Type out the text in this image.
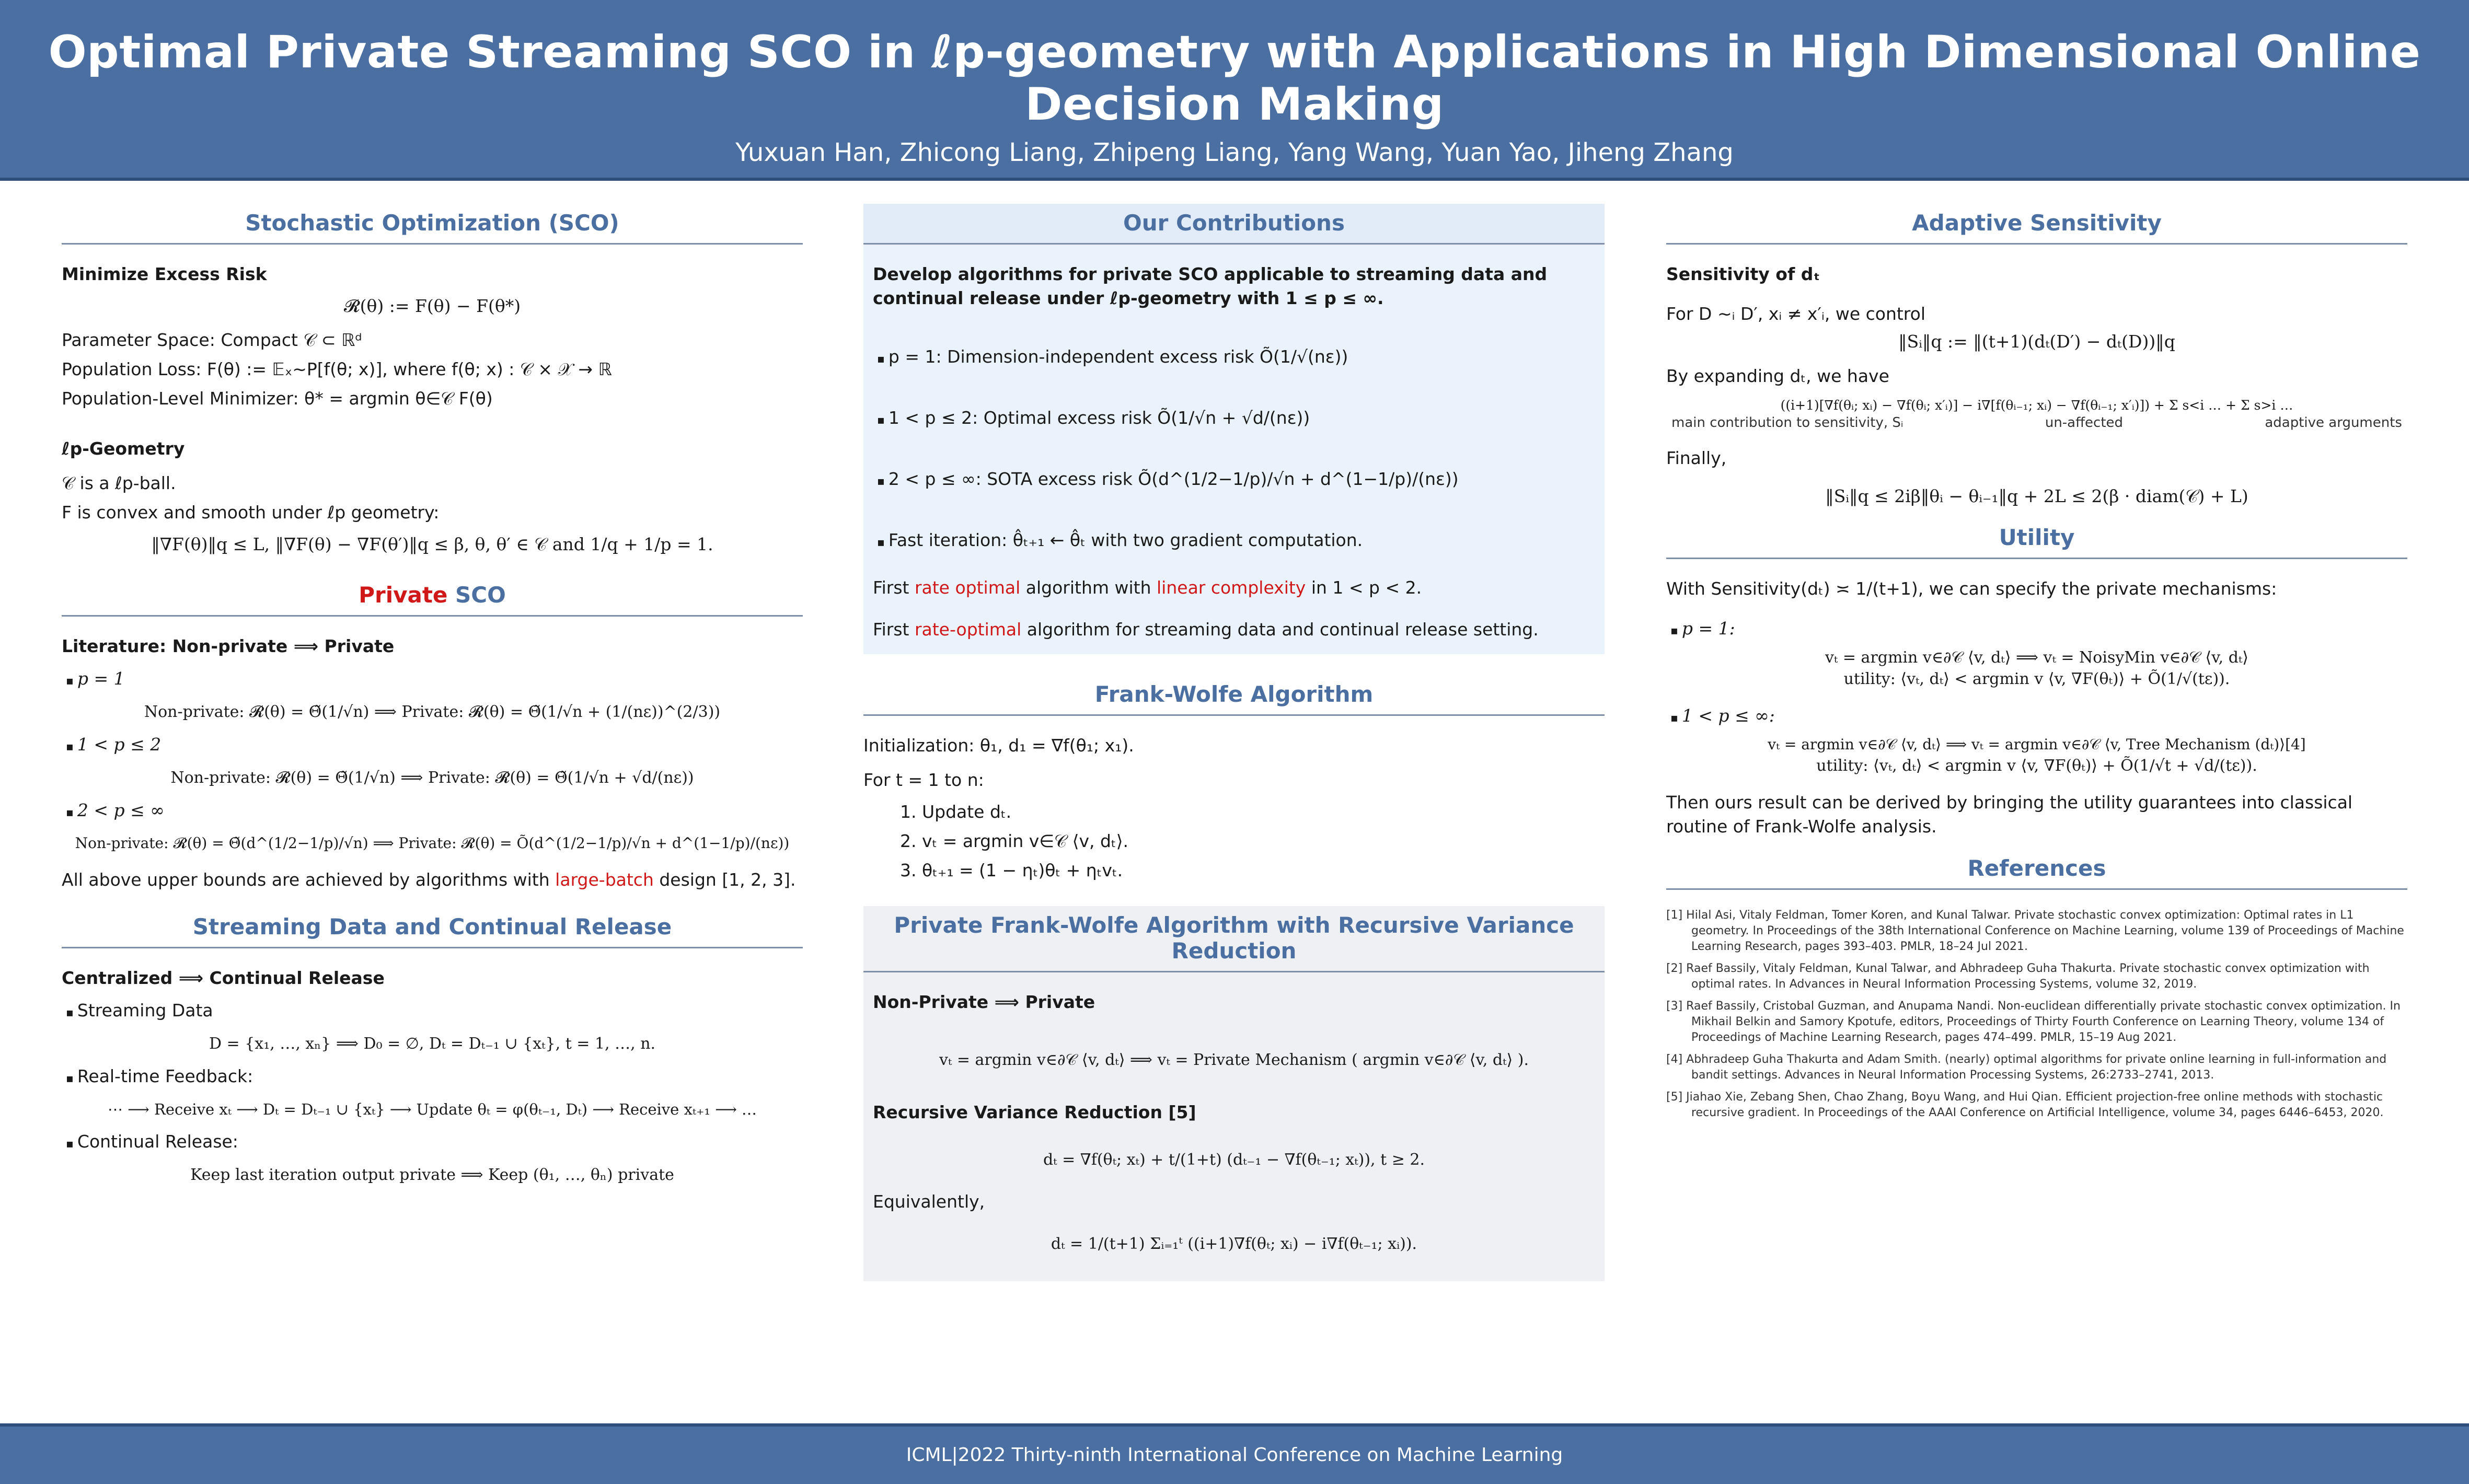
Optimal Private Streaming SCO in ℓp-geometry with Applications in High Dimensional Online Decision Making
Yuxuan Han, Zhicong Liang, Zhipeng Liang, Yang Wang, Yuan Yao, Jiheng Zhang
The Hong Kong Univeresity of Science and Technology
Stochastic Optimization (SCO)
Minimize Excess Risk
𝓡(θ) := F(θ) − F(θ*)
Parameter Space: Compact 𝒞 ⊂ ℝᵈ
Population Loss: F(θ) := 𝔼ₓ∼P[f(θ; x)], where f(θ; x) : 𝒞 × 𝒳 → ℝ
Population-Level Minimizer: θ* = argmin θ∈𝒞 F(θ)
ℓp-Geometry
𝒞 is a ℓp-ball.
F is convex and smooth under ℓp geometry:
‖∇F(θ)‖q ≤ L, ‖∇F(θ) − ∇F(θ′)‖q ≤ β, θ, θ′ ∈ 𝒞 and 1/q + 1/p = 1.
Private SCO
Literature: Non-private ⟹ Private
▪ p = 1
Non-private: 𝓡(θ) = Θ̃(1/√n) ⟹ Private: 𝓡(θ) = Θ̃(1/√n + (1/(nε))^(2/3))
▪ 1 < p ≤ 2
Non-private: 𝓡(θ) = Θ̃(1/√n) ⟹ Private: 𝓡(θ) = Θ̃(1/√n + √d/(nε))
▪ 2 < p ≤ ∞
Non-private: 𝓡(θ) = Θ̃(d^(1/2−1/p)/√n) ⟹ Private: 𝓡(θ) = Õ(d^(1/2−1/p)/√n + d^(1−1/p)/(nε))
All above upper bounds are achieved by algorithms with large-batch design [1, 2, 3].
Streaming Data and Continual Release
Centralized ⟹ Continual Release
▪ Streaming Data
D = {x₁, …, xₙ} ⟹ D₀ = ∅, Dₜ = Dₜ₋₁ ∪ {xₜ}, t = 1, …, n.
▪ Real-time Feedback:
⋯ ⟶ Receive xₜ ⟶ Dₜ = Dₜ₋₁ ∪ {xₜ} ⟶ Update θₜ = φ(θₜ₋₁, Dₜ) ⟶ Receive xₜ₊₁ ⟶ …
▪ Continual Release:
Keep last iteration output private ⟹ Keep (θ₁, …, θₙ) private
Our Contributions
Develop algorithms for private SCO applicable to streaming data and continual release under ℓp-geometry with 1 ≤ p ≤ ∞.
▪ p = 1: Dimension-independent excess risk Õ(1/√(nε))
▪ 1 < p ≤ 2: Optimal excess risk Õ(1/√n + √d/(nε))
▪ 2 < p ≤ ∞: SOTA excess risk Õ(d^(1/2−1/p)/√n + d^(1−1/p)/(nε))
▪ Fast iteration: θ̂ₜ₊₁ ← θ̂ₜ with two gradient computation.
First rate optimal algorithm with linear complexity in 1 < p < 2.
First rate-optimal algorithm for streaming data and continual release setting.
Frank-Wolfe Algorithm
Initialization: θ₁, d₁ = ∇f(θ₁; x₁).
For t = 1 to n:
1. Update dₜ.
2. vₜ = argmin v∈𝒞 ⟨v, dₜ⟩.
3. θₜ₊₁ = (1 − ηₜ)θₜ + ηₜvₜ.
Private Frank-Wolfe Algorithm with Recursive Variance Reduction
Non-Private ⟹ Private
vₜ = argmin v∈∂𝒞 ⟨v, dₜ⟩ ⟹ vₜ = Private Mechanism ( argmin v∈∂𝒞 ⟨v, dₜ⟩ ).
Recursive Variance Reduction [5]
dₜ = ∇f(θₜ; xₜ) + t/(1+t) (dₜ₋₁ − ∇f(θₜ₋₁; xₜ)), t ≥ 2.
Equivalently,
dₜ = 1/(t+1) Σᵢ₌₁ᵗ ((i+1)∇f(θₜ; xᵢ) − i∇f(θₜ₋₁; xᵢ)).
Adaptive Sensitivity
Sensitivity of dₜ
For D ∼ᵢ D′, xᵢ ≠ x′ᵢ, we control
‖Sᵢ‖q := ‖(t+1)(dₜ(D′) − dₜ(D))‖q
By expanding dₜ, we have
((i+1)[∇f(θᵢ; xᵢ) − ∇f(θᵢ; x′ᵢ)] − i∇[f(θᵢ₋₁; xᵢ) − ∇f(θᵢ₋₁; x′ᵢ)]) + Σ s<i … + Σ s>i …
main contribution to sensitivity, Sᵢ	un-affected	adaptive arguments
Finally,
‖Sᵢ‖q ≤ 2iβ‖θᵢ − θᵢ₋₁‖q + 2L ≤ 2(β · diam(𝒞) + L)
Utility
With Sensitivity(dₜ) ≍ 1/(t+1), we can specify the private mechanisms:
▪ p = 1:
vₜ = argmin v∈∂𝒞 ⟨v, dₜ⟩ ⟹ vₜ = NoisyMin v∈∂𝒞 ⟨v, dₜ⟩
utility: ⟨vₜ, dₜ⟩ < argmin v ⟨v, ∇F(θₜ)⟩ + Õ(1/√(tε)).
▪ 1 < p ≤ ∞:
vₜ = argmin v∈∂𝒞 ⟨v, dₜ⟩ ⟹ vₜ = argmin v∈∂𝒞 ⟨v, Tree Mechanism (dₜ)⟩[4]
utility: ⟨vₜ, dₜ⟩ < argmin v ⟨v, ∇F(θₜ)⟩ + Õ(1/√t + √d/(tε)).
Then ours result can be derived by bringing the utility guarantees into classical routine of Frank-Wolfe analysis.
References
[1] Hilal Asi, Vitaly Feldman, Tomer Koren, and Kunal Talwar. Private stochastic convex optimization: Optimal rates in L1 geometry. In Proceedings of the 38th International Conference on Machine Learning, volume 139 of Proceedings of Machine Learning Research, pages 393–403. PMLR, 18–24 Jul 2021.
[2] Raef Bassily, Vitaly Feldman, Kunal Talwar, and Abhradeep Guha Thakurta. Private stochastic convex optimization with optimal rates. In Advances in Neural Information Processing Systems, volume 32, 2019.
[3] Raef Bassily, Cristobal Guzman, and Anupama Nandi. Non-euclidean differentially private stochastic convex optimization. In Mikhail Belkin and Samory Kpotufe, editors, Proceedings of Thirty Fourth Conference on Learning Theory, volume 134 of Proceedings of Machine Learning Research, pages 474–499. PMLR, 15–19 Aug 2021.
[4] Abhradeep Guha Thakurta and Adam Smith. (nearly) optimal algorithms for private online learning in full-information and bandit settings. Advances in Neural Information Processing Systems, 26:2733–2741, 2013.
[5] Jiahao Xie, Zebang Shen, Chao Zhang, Boyu Wang, and Hui Qian. Efficient projection-free online methods with stochastic recursive gradient. In Proceedings of the AAAI Conference on Artificial Intelligence, volume 34, pages 6446–6453, 2020.
ICML|2022 Thirty-ninth International Conference on Machine Learning
